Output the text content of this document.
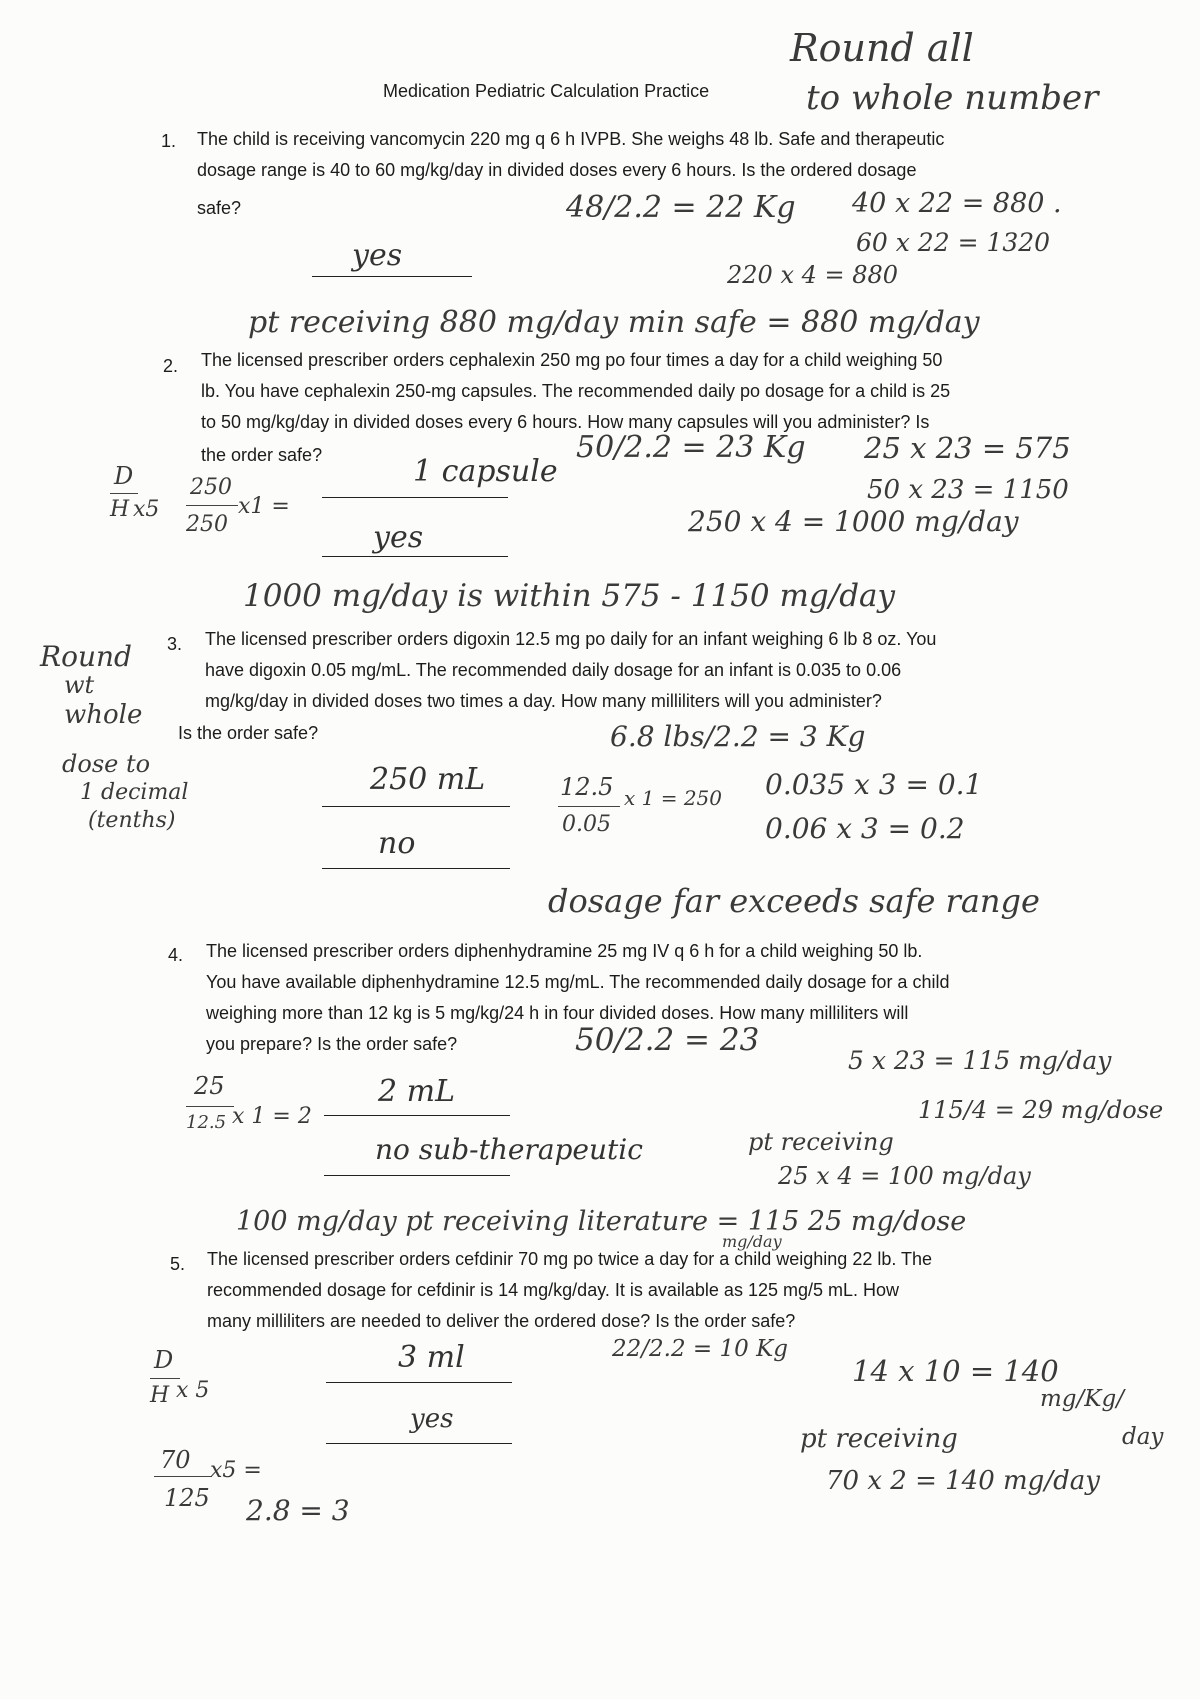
Medication Pediatric Calculation Practice
Round all
to whole number
1. The child is receiving vancomycin 220 mg q 6 h IVPB. She weighs 48 lb. Safe and therapeutic
dosage range is 40 to 60 mg/kg/day in divided doses every 6 hours. Is the ordered dosage
safe?	48/2.2 = 22 Kg 40 x 22 = 880 .
60 x 22 = 1320
220 x 4 = 880
yes
pt receiving 880 mg/day min safe = 880 mg/day
2. The licensed prescriber orders cephalexin 250 mg po four times a day for a child weighing 50
lb. You have cephalexin 250-mg capsules. The recommended daily po dosage for a child is 25
to 50 mg/kg/day in divided doses every 6 hours. How many capsules will you administer? Is
the order safe?	50/2.2 = 23 Kg 25 x 23 = 575
50 x 23 = 1150
250 x 4 = 1000 mg/day
D
H x5
250
250
x1 =
1 capsule
yes
1000 mg/day is within 575 - 1150 mg/day
3. The licensed prescriber orders digoxin 12.5 mg po daily for an infant weighing 6 lb 8 oz. You
have digoxin 0.05 mg/mL. The recommended daily dosage for an infant is 0.035 to 0.06
mg/kg/day in divided doses two times a day. How many milliliters will you administer?
Is the order safe?
Round
wt
whole
dose to
1 decimal
(tenths)
6.8 lbs/2.2 = 3 Kg
0.035 x 3 = 0.1
0.06 x 3 = 0.2
12.5
0.05
x 1 = 250
250 mL
no
dosage far exceeds safe range
4. The licensed prescriber orders diphenhydramine 25 mg IV q 6 h for a child weighing 50 lb.
You have available diphenhydramine 12.5 mg/mL. The recommended daily dosage for a child
weighing more than 12 kg is 5 mg/kg/24 h in four divided doses. How many milliliters will
you prepare? Is the order safe?	50/2.2 = 23
5 x 23 = 115 mg/day
115/4 = 29 mg/dose
pt receiving
25 x 4 = 100 mg/day
25
12.5 x 1 = 2
2 mL
no sub-therapeutic
100 mg/day pt receiving literature = 115 25 mg/dose
mg/day
5. The licensed prescriber orders cefdinir 70 mg po twice a day for a child weighing 22 lb. The
recommended dosage for cefdinir is 14 mg/kg/day. It is available as 125 mg/5 mL. How
many milliliters are needed to deliver the ordered dose? Is the order safe?
22/2.2 = 10 Kg
14 x 10 = 140
mg/Kg/
day
pt receiving
70 x 2 = 140 mg/day
D
H x 5
70
125
x5 =
2.8 = 3
3 ml
yes
